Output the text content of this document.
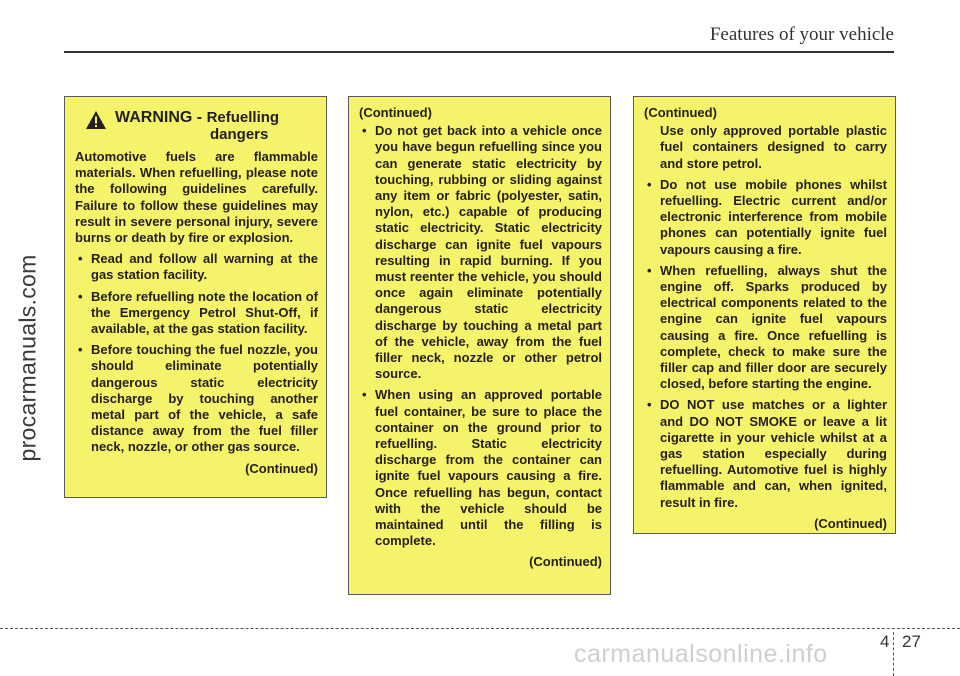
Features of your vehicle
procarmanuals.com
WARNING - Refuelling
dangers
Automotive fuels are flammable materials. When refuelling, please note the following guidelines carefully. Failure to follow these guidelines may result in severe personal injury, severe burns or death by fire or explosion.
• Read and follow all warning at the gas station facility.
• Before refuelling note the location of the Emergency Petrol Shut-Off, if available, at the gas station facility.
• Before touching the fuel nozzle, you should eliminate potentially dangerous static electricity discharge by touching another metal part of the vehicle, a safe distance away from the fuel filler neck, nozzle, or other gas source.
(Continued)
(Continued)
• Do not get back into a vehicle once you have begun refuelling since you can generate static electricity by touching, rubbing or sliding against any item or fabric (polyester, satin, nylon, etc.) capable of producing static electricity. Static electricity discharge can ignite fuel vapours resulting in rapid burning. If you must reenter the vehicle, you should once again eliminate potentially dangerous static electricity discharge by touching a metal part of the vehicle, away from the fuel filler neck, nozzle or other petrol source.
• When using an approved portable fuel container, be sure to place the container on the ground prior to refuelling. Static electricity discharge from the container can ignite fuel vapours causing a fire. Once refuelling has begun, contact with the vehicle should be maintained until the filling is complete.
(Continued)
(Continued)
Use only approved portable plastic fuel containers designed to carry and store petrol.
• Do not use mobile phones whilst refuelling. Electric current and/or electronic interference from mobile phones can potentially ignite fuel vapours causing a fire.
• When refuelling, always shut the engine off. Sparks produced by electrical components related to the engine can ignite fuel vapours causing a fire. Once refuelling is complete, check to make sure the filler cap and filler door are securely closed, before starting the engine.
• DO NOT use matches or a lighter and DO NOT SMOKE or leave a lit cigarette in your vehicle whilst at a gas station especially during refuelling. Automotive fuel is highly flammable and can, when ignited, result in fire.
(Continued)
4 27
carmanualsonline.info
